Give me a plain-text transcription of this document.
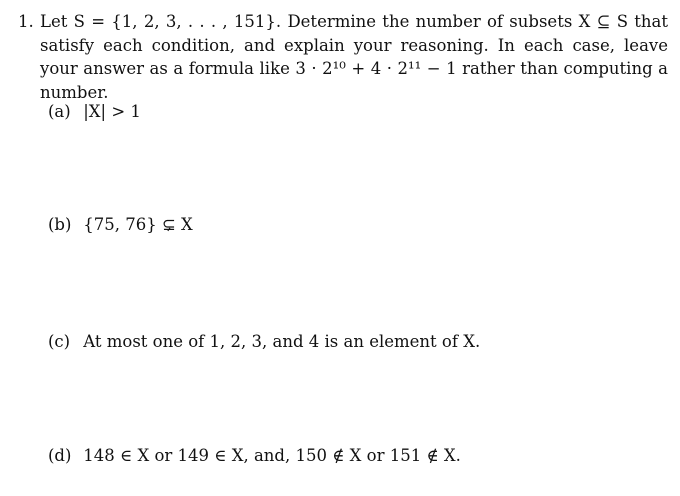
1. Let S = {1, 2, 3, . . . , 151}. Determine the number of subsets X ⊆ S that satisfy each condition, and explain your reasoning. In each case, leave your answer as a formula like 3 · 2¹⁰ + 4 · 2¹¹ − 1 rather than computing a number.
(a) |X| > 1
(b) {75, 76} ⊊ X
(c) At most one of 1, 2, 3, and 4 is an element of X.
(d) 148 ∈ X or 149 ∈ X, and, 150 ∉ X or 151 ∉ X.
